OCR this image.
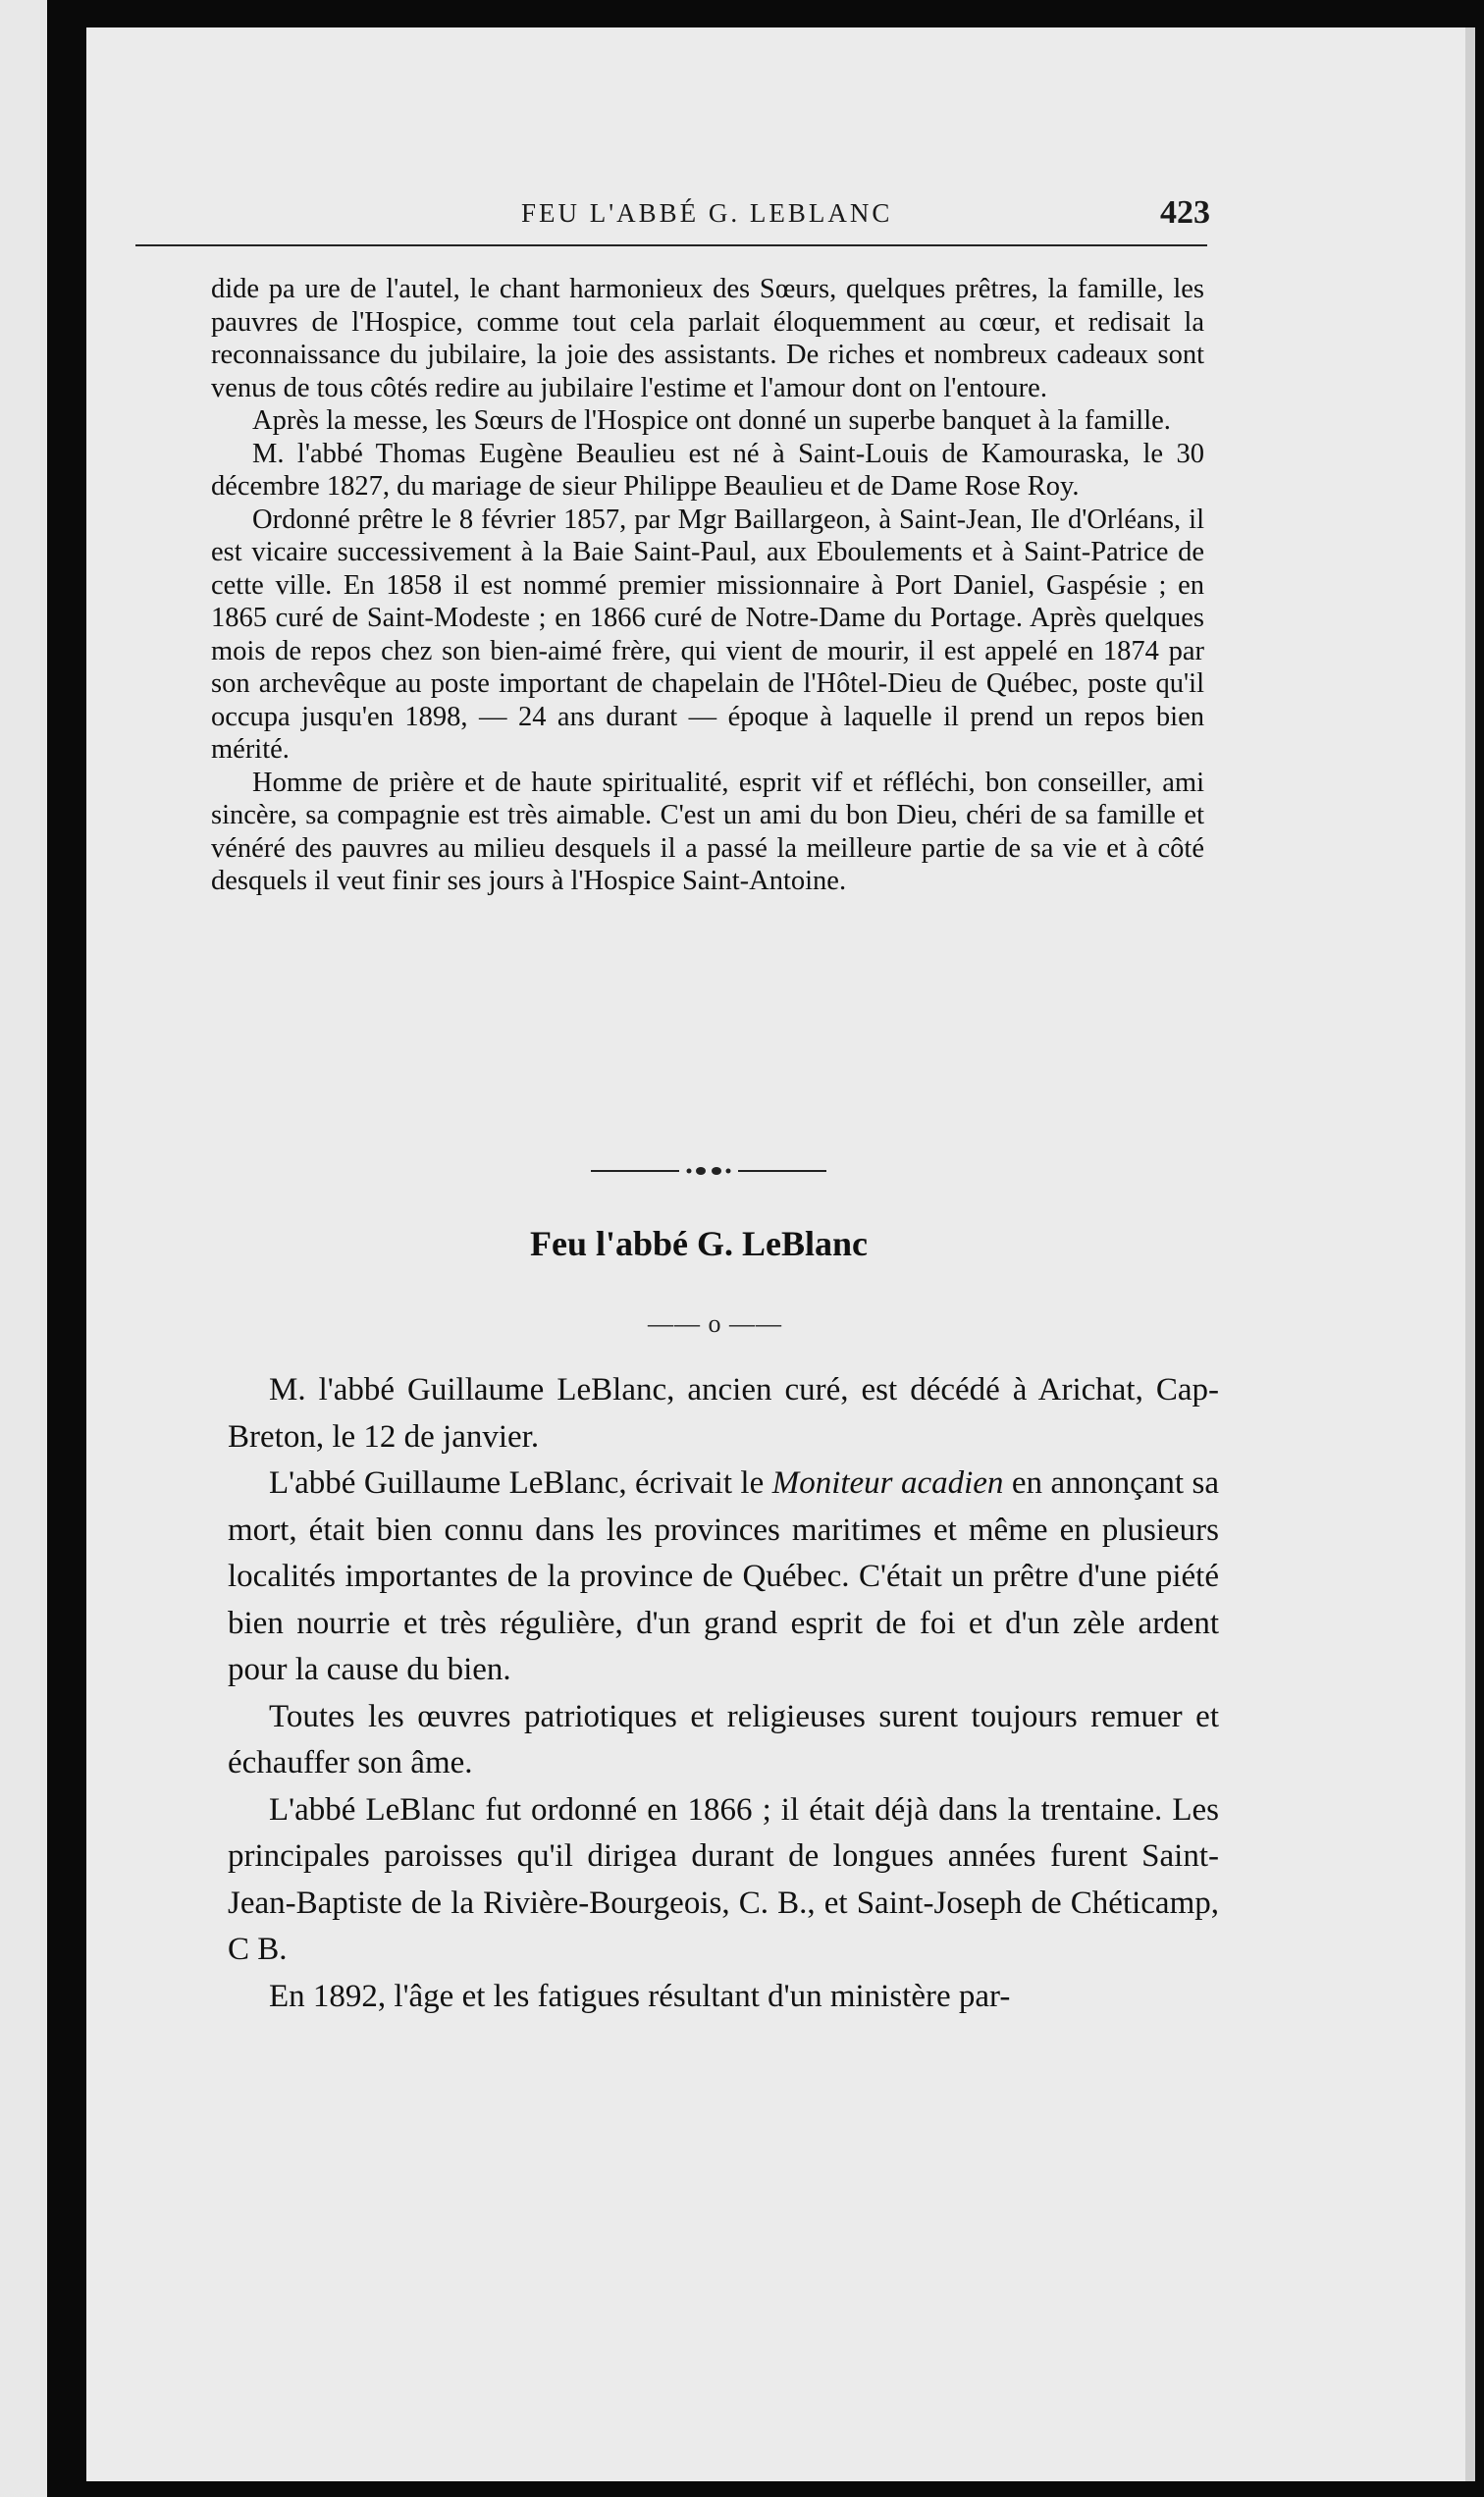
FEU L'ABBÉ G. LEBLANC	423

dide pa ure de l'autel, le chant harmonieux des Sœurs, quelques prêtres, la famille, les pauvres de l'Hospice, comme tout cela parlait éloquemment au cœur, et redisait la reconnaissance du jubilaire, la joie des assistants. De riches et nombreux cadeaux sont venus de tous côtés redire au jubilaire l'estime et l'amour dont on l'entoure.

Après la messe, les Sœurs de l'Hospice ont donné un superbe banquet à la famille.

M. l'abbé Thomas Eugène Beaulieu est né à Saint-Louis de Kamouraska, le 30 décembre 1827, du mariage de sieur Philippe Beaulieu et de Dame Rose Roy.

Ordonné prêtre le 8 février 1857, par Mgr Baillargeon, à Saint-Jean, Ile d'Orléans, il est vicaire successivement à la Baie Saint-Paul, aux Eboulements et à Saint-Patrice de cette ville. En 1858 il est nommé premier missionnaire à Port Daniel, Gaspésie ; en 1865 curé de Saint-Modeste ; en 1866 curé de Notre-Dame du Portage. Après quelques mois de repos chez son bien-aimé frère, qui vient de mourir, il est appelé en 1874 par son archevêque au poste important de chapelain de l'Hôtel-Dieu de Québec, poste qu'il occupa jusqu'en 1898, — 24 ans durant — époque à laquelle il prend un repos bien mérité.

Homme de prière et de haute spiritualité, esprit vif et réfléchi, bon conseiller, ami sincère, sa compagnie est très aimable. C'est un ami du bon Dieu, chéri de sa famille et vénéré des pauvres au milieu desquels il a passé la meilleure partie de sa vie et à côté desquels il veut finir ses jours à l'Hospice Saint-Antoine.

Feu l'abbé G. LeBlanc
—— o ——

M. l'abbé Guillaume LeBlanc, ancien curé, est décédé à Arichat, Cap-Breton, le 12 de janvier.

L'abbé Guillaume LeBlanc, écrivait le Moniteur acadien en annonçant sa mort, était bien connu dans les provinces maritimes et même en plusieurs localités importantes de la province de Québec. C'était un prêtre d'une piété bien nourrie et très régulière, d'un grand esprit de foi et d'un zèle ardent pour la cause du bien.

Toutes les œuvres patriotiques et religieuses surent toujours remuer et échauffer son âme.

L'abbé LeBlanc fut ordonné en 1866 ; il était déjà dans la trentaine. Les principales paroisses qu'il dirigea durant de longues années furent Saint-Jean-Baptiste de la Rivière-Bourgeois, C. B., et Saint-Joseph de Chéticamp, C B.

En 1892, l'âge et les fatigues résultant d'un ministère par-
